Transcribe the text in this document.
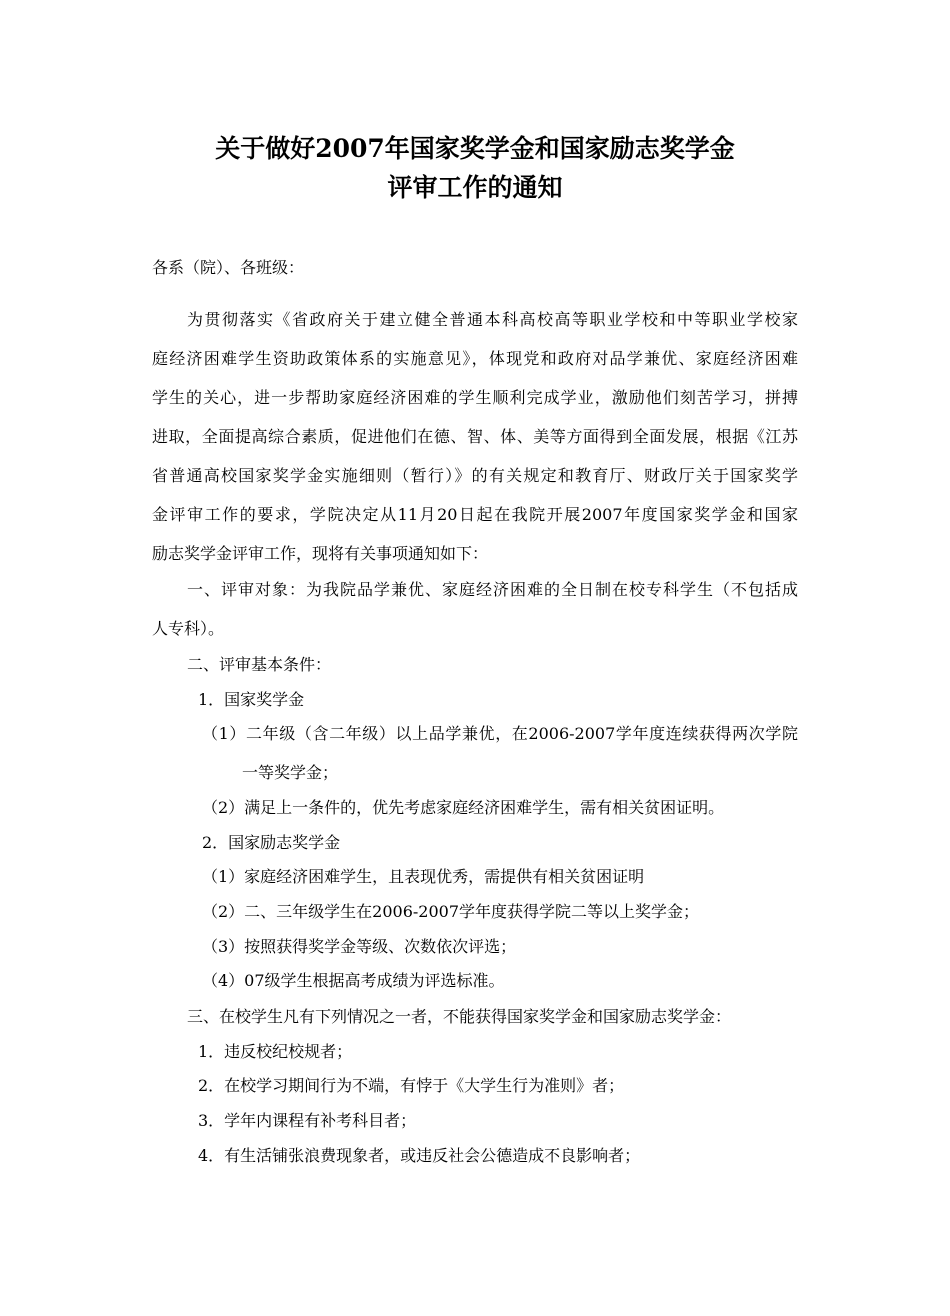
关于做好2007年国家奖学金和国家励志奖学金
评审工作的通知
各系（院）、各班级：
为贯彻落实《省政府关于建立健全普通本科高校高等职业学校和中等职业学校家
庭经济困难学生资助政策体系的实施意见》，体现党和政府对品学兼优、家庭经济困难
学生的关心，进一步帮助家庭经济困难的学生顺利完成学业，激励他们刻苦学习，拼搏
进取，全面提高综合素质，促进他们在德、智、体、美等方面得到全面发展，根据《江苏
省普通高校国家奖学金实施细则（暂行）》的有关规定和教育厅、财政厅关于国家奖学
金评审工作的要求，学院决定从11月20日起在我院开展2007年度国家奖学金和国家
励志奖学金评审工作，现将有关事项通知如下：
一、评审对象：为我院品学兼优、家庭经济困难的全日制在校专科学生（不包括成
人专科）。
二、评审基本条件：
1．国家奖学金
（1）二年级（含二年级）以上品学兼优，在2006-2007学年度连续获得两次学院
一等奖学金；
（2）满足上一条件的，优先考虑家庭经济困难学生，需有相关贫困证明。
2．国家励志奖学金
（1）家庭经济困难学生，且表现优秀，需提供有相关贫困证明
（2）二、三年级学生在2006-2007学年度获得学院二等以上奖学金；
（3）按照获得奖学金等级、次数依次评选；
（4）07级学生根据高考成绩为评选标准。
三、在校学生凡有下列情况之一者，不能获得国家奖学金和国家励志奖学金：
1．违反校纪校规者；
2．在校学习期间行为不端，有悖于《大学生行为准则》者；
3．学年内课程有补考科目者；
4．有生活铺张浪费现象者，或违反社会公德造成不良影响者；
